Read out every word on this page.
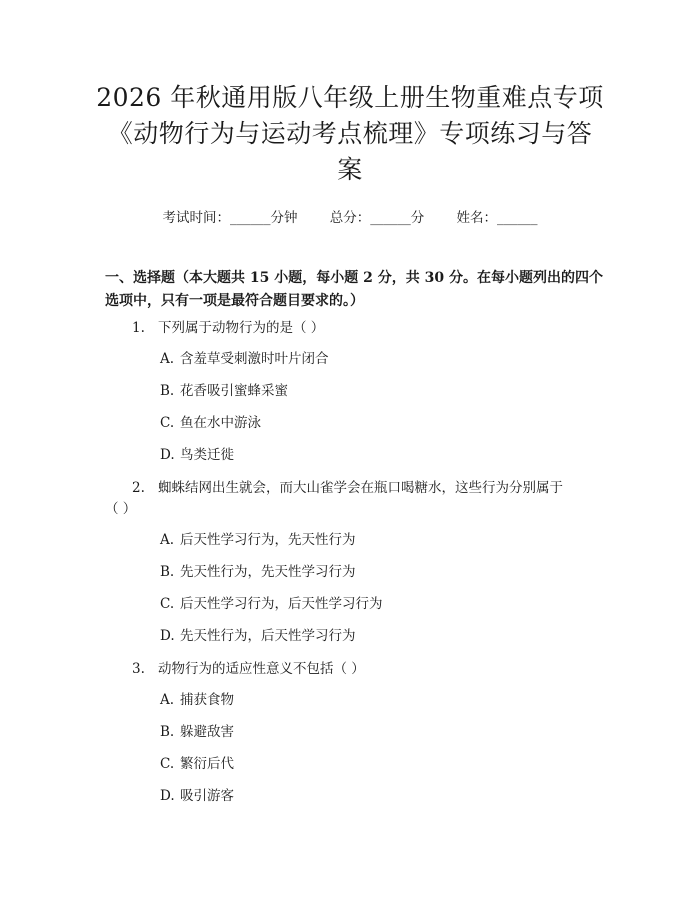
2026 年秋通用版八年级上册生物重难点专项
《动物行为与运动考点梳理》专项练习与答
案
考试时间：______分钟 总分：______分 姓名：______
一、选择题（本大题共 15 小题，每小题 2 分，共 30 分。在每小题列出的四个选项中，只有一项是最符合题目要求的。）
1. 下列属于动物行为的是（ ）
A. 含羞草受刺激时叶片闭合
B. 花香吸引蜜蜂采蜜
C. 鱼在水中游泳
D. 鸟类迁徙
2. 蜘蛛结网出生就会，而大山雀学会在瓶口喝糖水，这些行为分别属于
（ ）
A. 后天性学习行为，先天性行为
B. 先天性行为，先天性学习行为
C. 后天性学习行为，后天性学习行为
D. 先天性行为，后天性学习行为
3. 动物行为的适应性意义不包括（ ）
A. 捕获食物
B. 躲避敌害
C. 繁衍后代
D. 吸引游客
